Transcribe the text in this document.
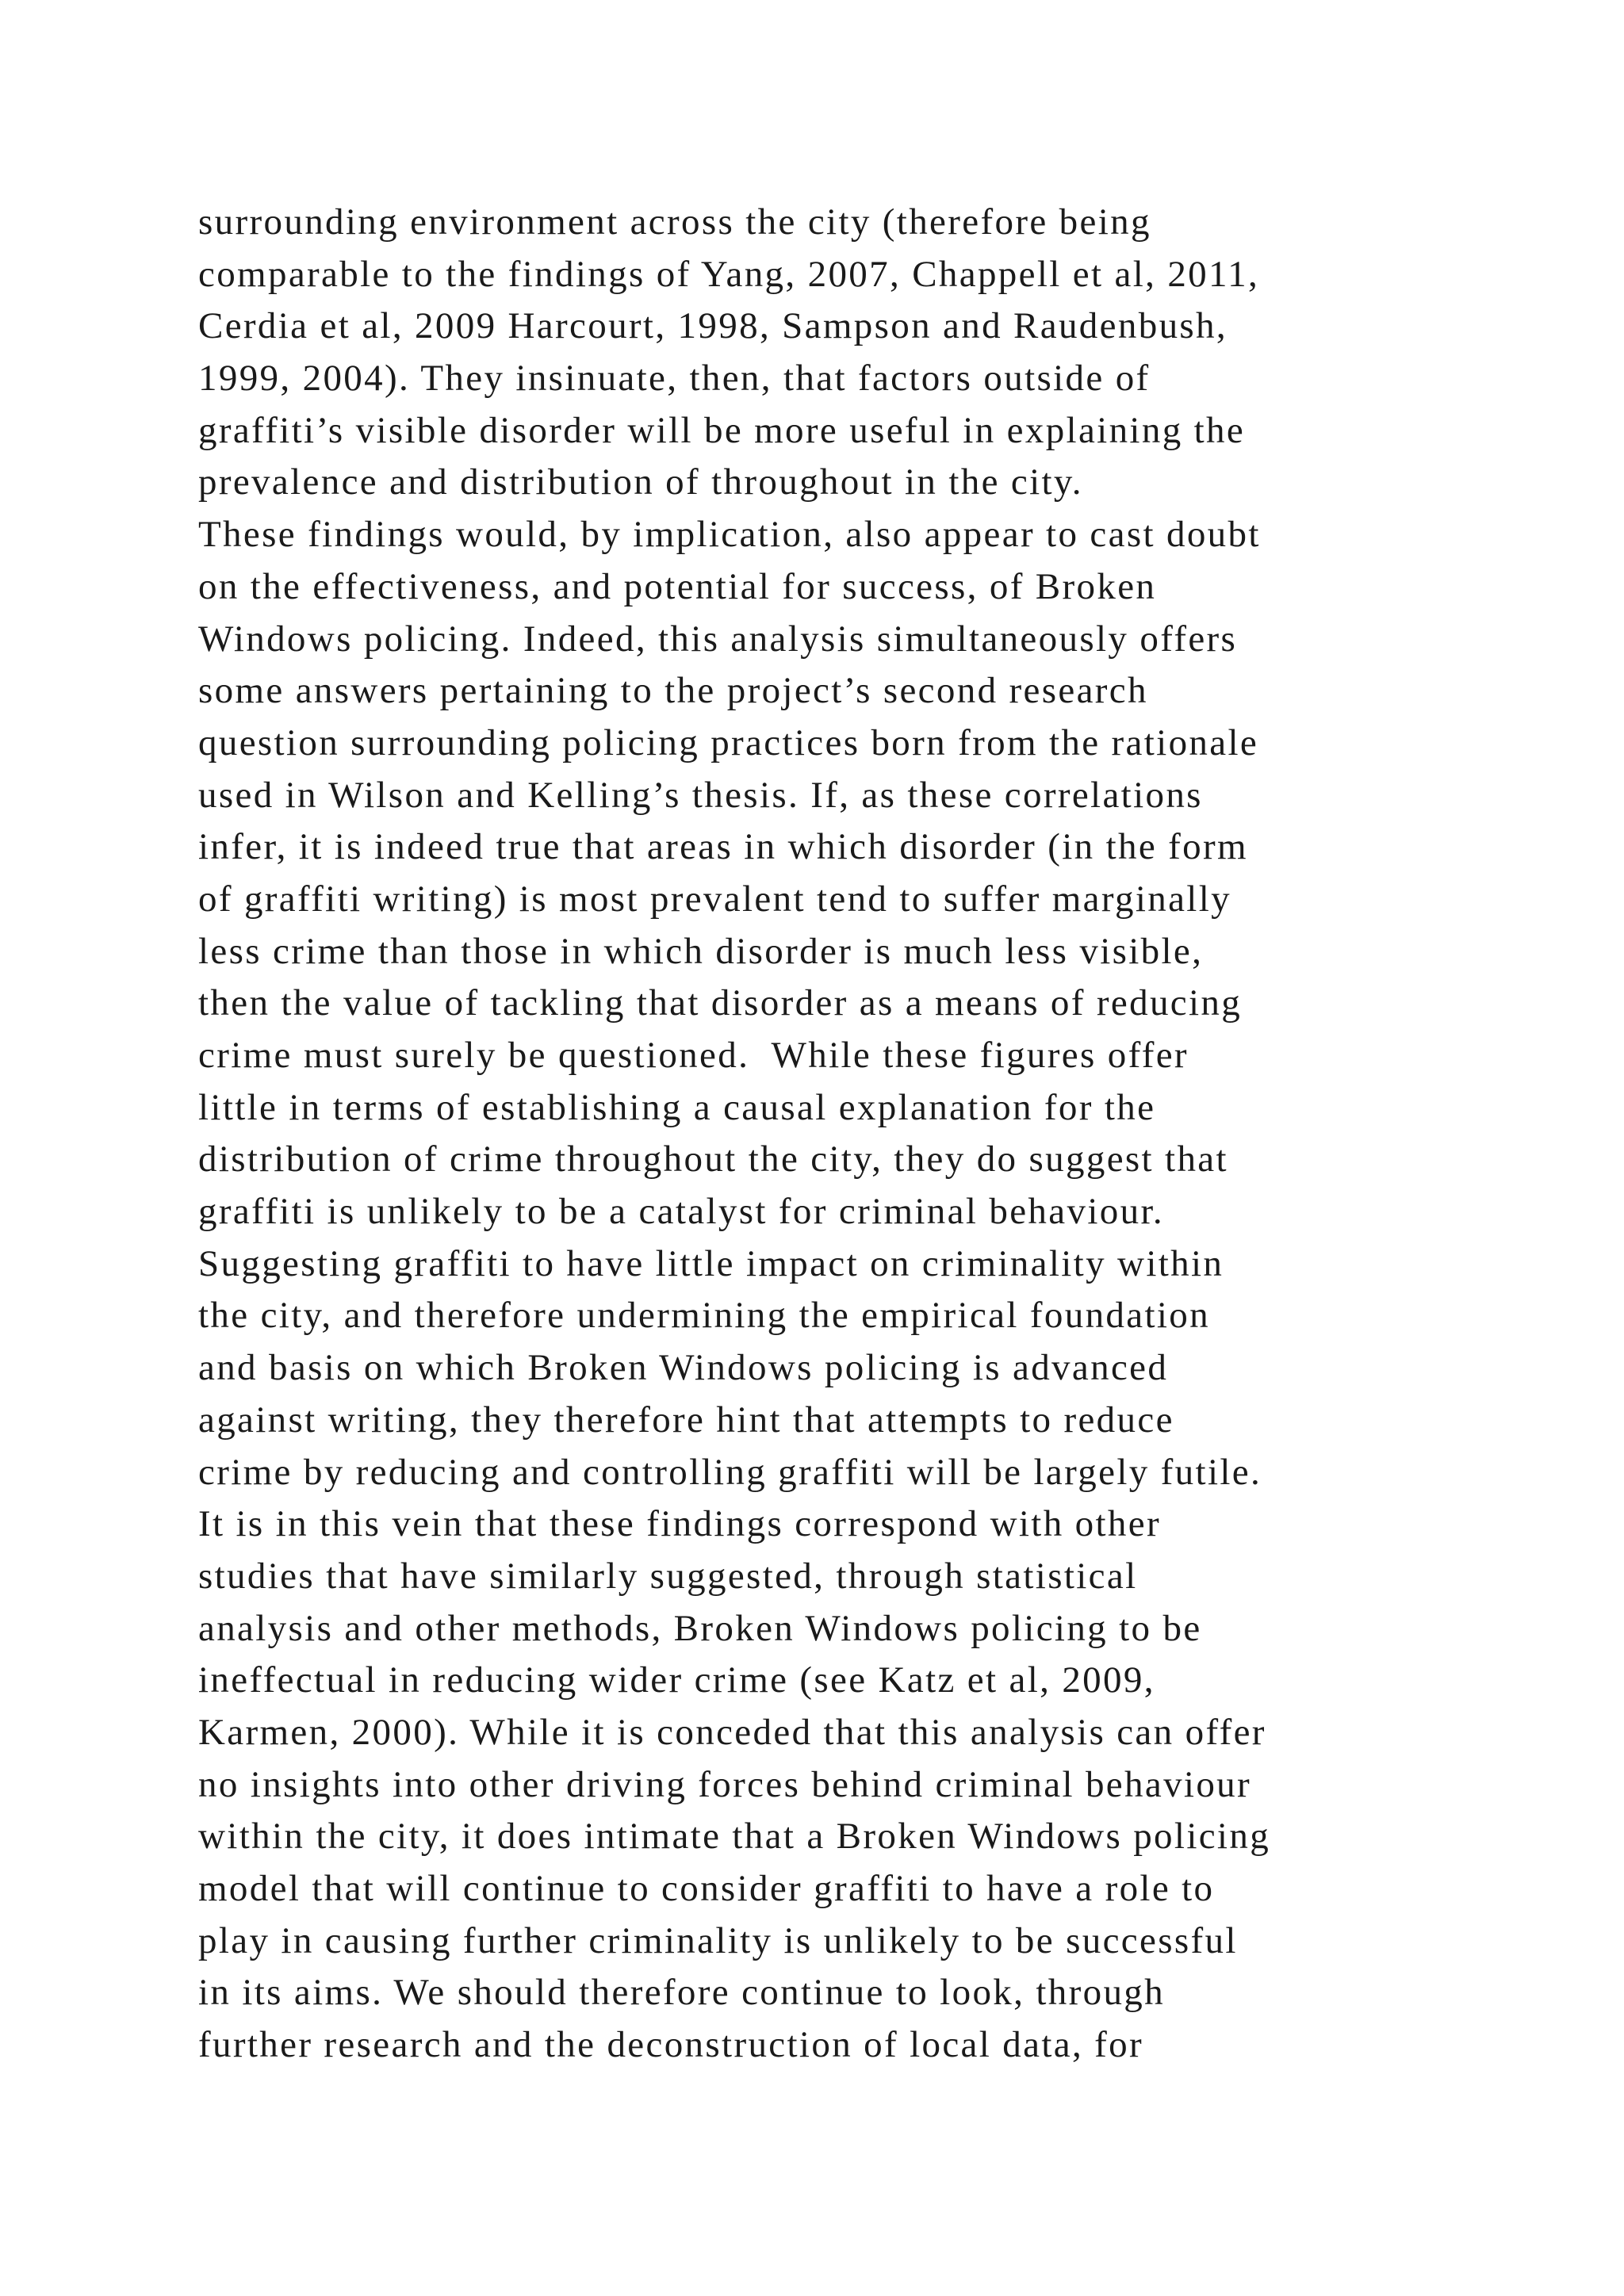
surrounding environment across the city (therefore being
comparable to the findings of Yang, 2007, Chappell et al, 2011,
Cerdia et al, 2009 Harcourt, 1998, Sampson and Raudenbush,
1999, 2004). They insinuate, then, that factors outside of
graffiti’s visible disorder will be more useful in explaining the
prevalence and distribution of throughout in the city.
These findings would, by implication, also appear to cast doubt
on the effectiveness, and potential for success, of Broken
Windows policing. Indeed, this analysis simultaneously offers
some answers pertaining to the project’s second research
question surrounding policing practices born from the rationale
used in Wilson and Kelling’s thesis. If, as these correlations
infer, it is indeed true that areas in which disorder (in the form
of graffiti writing) is most prevalent tend to suffer marginally
less crime than those in which disorder is much less visible,
then the value of tackling that disorder as a means of reducing
crime must surely be questioned.  While these figures offer
little in terms of establishing a causal explanation for the
distribution of crime throughout the city, they do suggest that
graffiti is unlikely to be a catalyst for criminal behaviour.
Suggesting graffiti to have little impact on criminality within
the city, and therefore undermining the empirical foundation
and basis on which Broken Windows policing is advanced
against writing, they therefore hint that attempts to reduce
crime by reducing and controlling graffiti will be largely futile.
It is in this vein that these findings correspond with other
studies that have similarly suggested, through statistical
analysis and other methods, Broken Windows policing to be
ineffectual in reducing wider crime (see Katz et al, 2009,
Karmen, 2000). While it is conceded that this analysis can offer
no insights into other driving forces behind criminal behaviour
within the city, it does intimate that a Broken Windows policing
model that will continue to consider graffiti to have a role to
play in causing further criminality is unlikely to be successful
in its aims. We should therefore continue to look, through
further research and the deconstruction of local data, for
